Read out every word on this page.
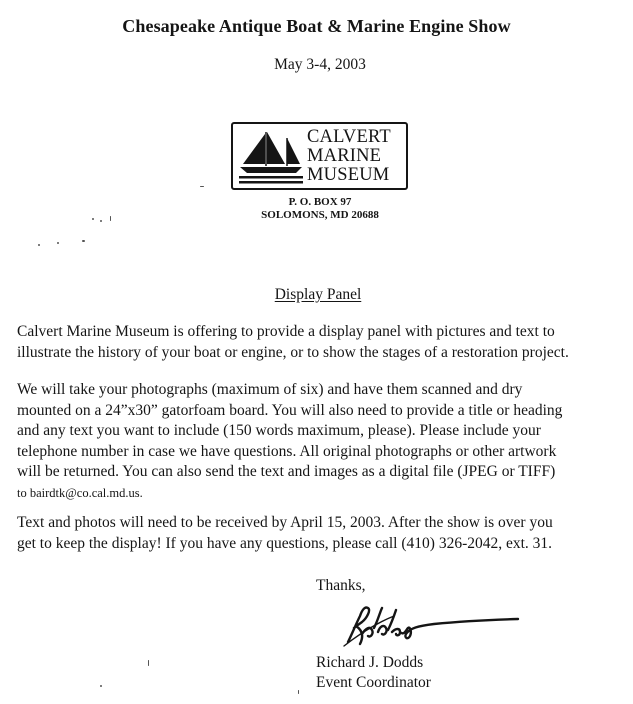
Chesapeake Antique Boat & Marine Engine Show
May 3-4, 2003
CALVERT
MARINE
MUSEUM
P. O. BOX 97
SOLOMONS, MD 20688
Display Panel
Calvert Marine Museum is offering to provide a display panel with pictures and text to
illustrate the history of your boat or engine, or to show the stages of a restoration project.
We will take your photographs (maximum of six) and have them scanned and dry
mounted on a 24”x30” gatorfoam board. You will also need to provide a title or heading
and any text you want to include (150 words maximum, please). Please include your
telephone number in case we have questions. All original photographs or other artwork
will be returned. You can also send the text and images as a digital file (JPEG or TIFF)
to bairdtk@co.cal.md.us.
Text and photos will need to be received by April 15, 2003. After the show is over you
get to keep the display! If you have any questions, please call (410) 326-2042, ext. 31.
Thanks,
Richard J. Dodds
Event Coordinator
